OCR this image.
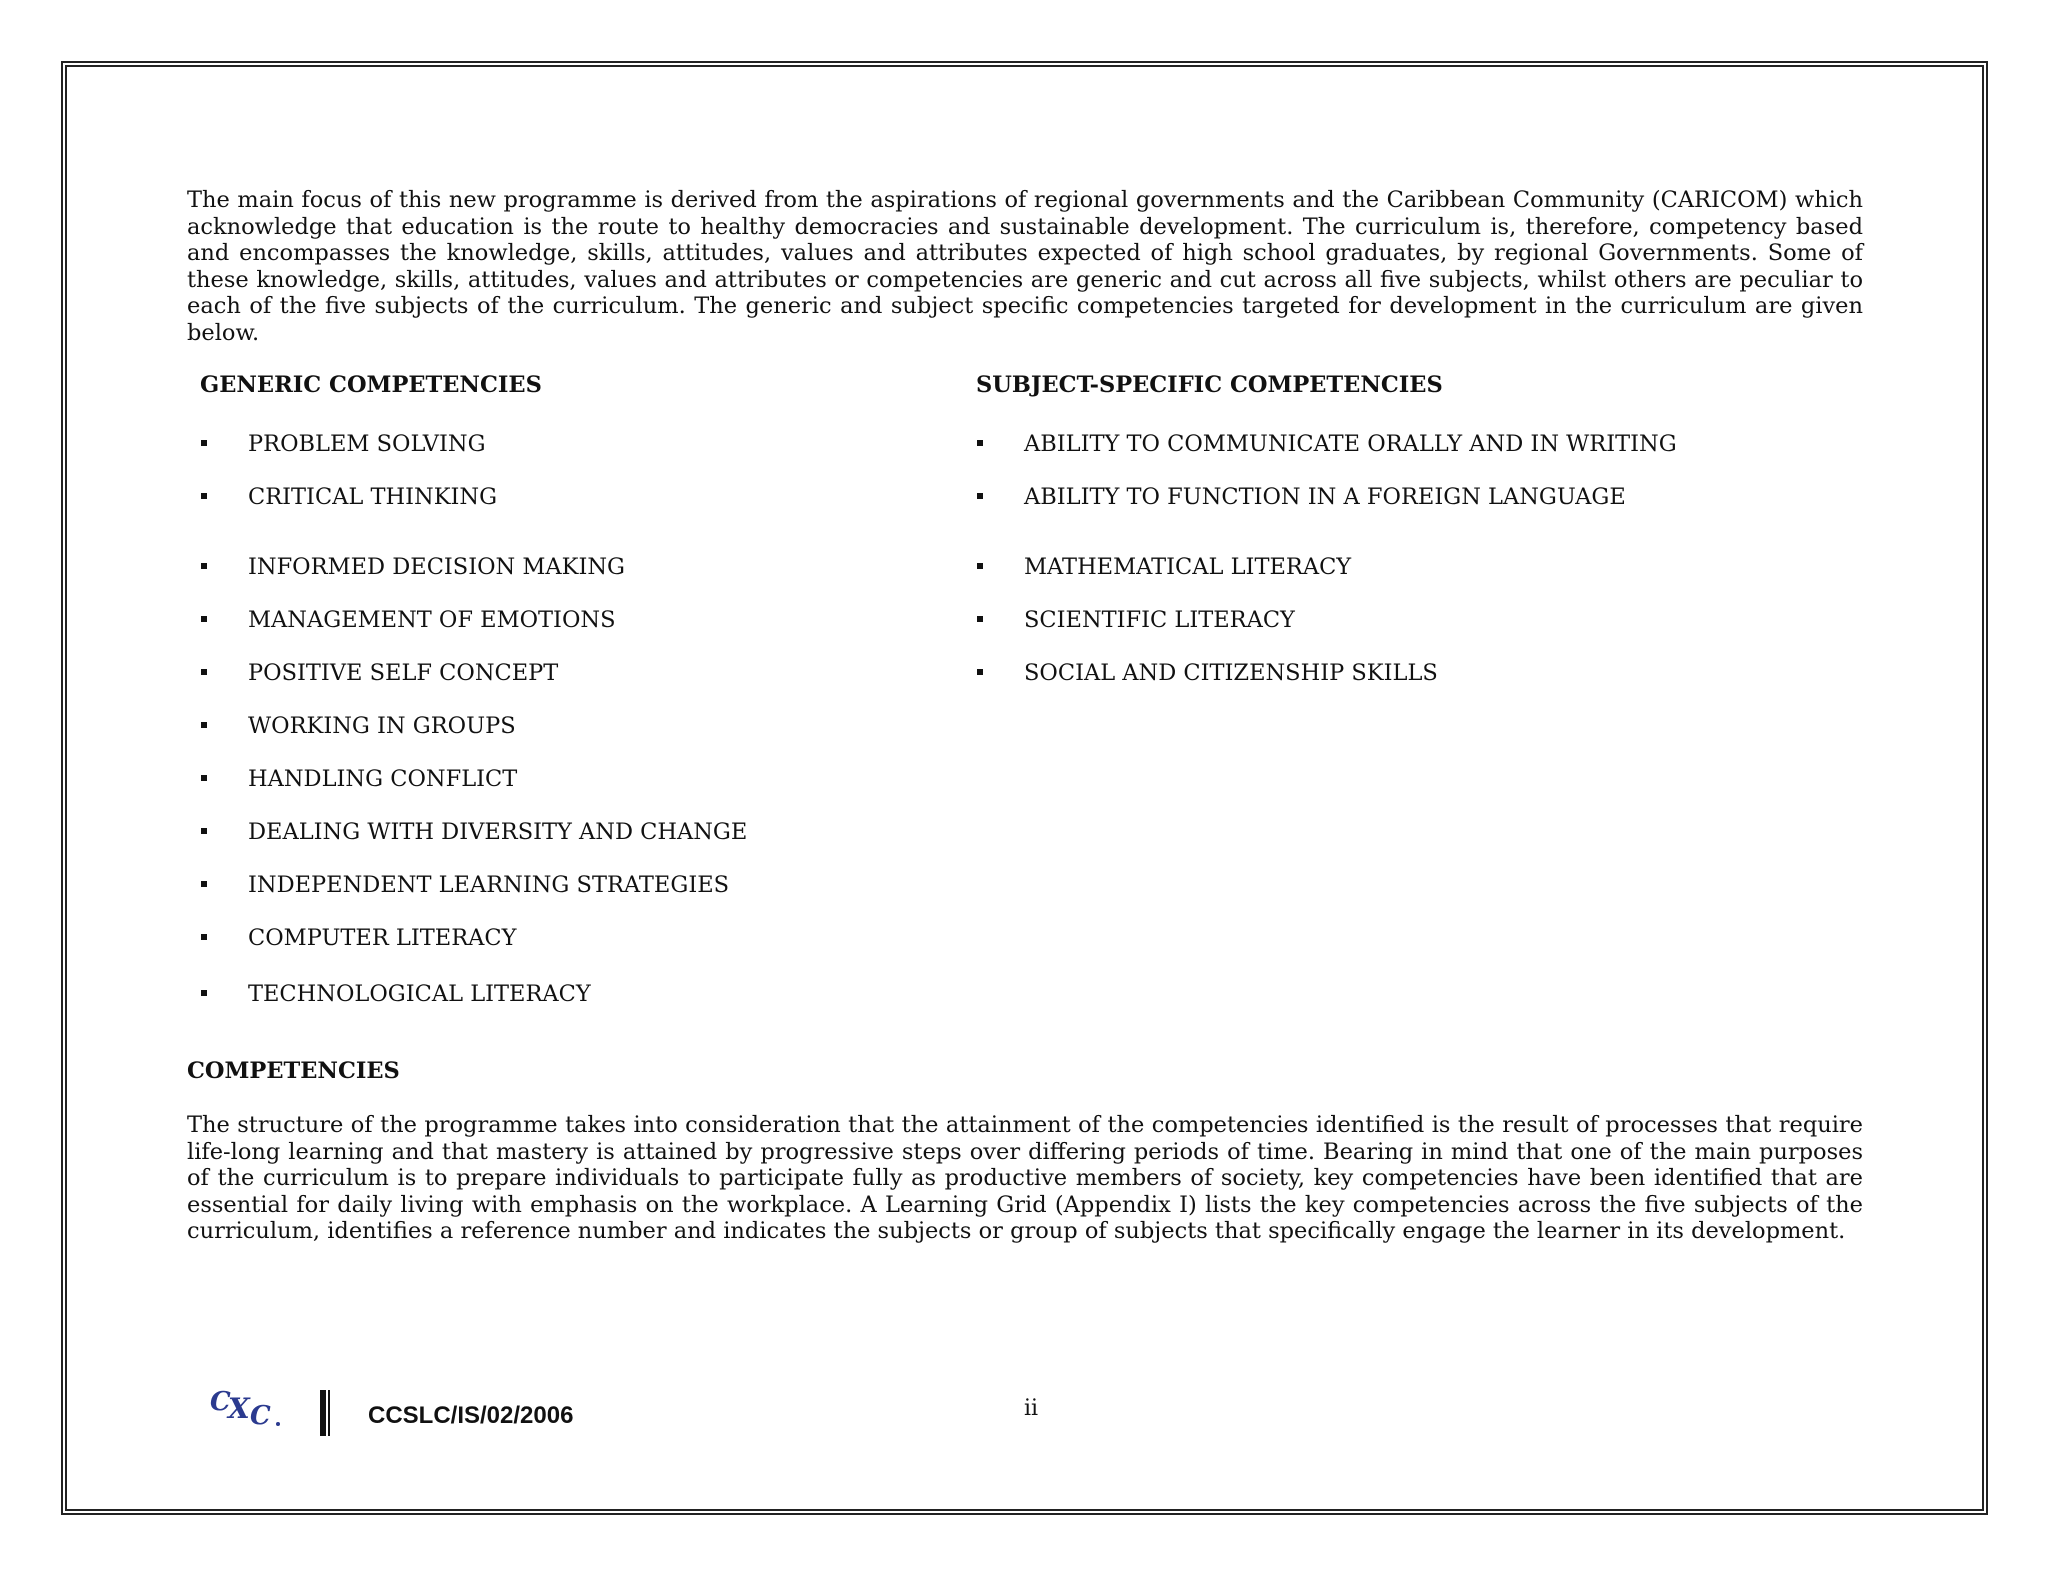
The main focus of this new programme is derived from the aspirations of regional governments and the Caribbean Community (CARICOM) which acknowledge that education is the route to healthy democracies and sustainable development. The curriculum is, therefore, competency based and encompasses the knowledge, skills, attitudes, values and attributes expected of high school graduates, by regional Governments. Some of these knowledge, skills, attitudes, values and attributes or competencies are generic and cut across all five subjects, whilst others are peculiar to each of the five subjects of the curriculum. The generic and subject specific competencies targeted for development in the curriculum are given below.

GENERIC COMPETENCIES	SUBJECT-SPECIFIC COMPETENCIES
PROBLEM SOLVING
CRITICAL THINKING
INFORMED DECISION MAKING
MANAGEMENT OF EMOTIONS
POSITIVE SELF CONCEPT
WORKING IN GROUPS
HANDLING CONFLICT
DEALING WITH DIVERSITY AND CHANGE
INDEPENDENT LEARNING STRATEGIES
COMPUTER LITERACY
TECHNOLOGICAL LITERACY
ABILITY TO COMMUNICATE ORALLY AND IN WRITING
ABILITY TO FUNCTION IN A FOREIGN LANGUAGE
MATHEMATICAL LITERACY
SCIENTIFIC LITERACY
SOCIAL AND CITIZENSHIP SKILLS
COMPETENCIES

The structure of the programme takes into consideration that the attainment of the competencies identified is the result of processes that require life-long learning and that mastery is attained by progressive steps over differing periods of time. Bearing in mind that one of the main purposes of the curriculum is to prepare individuals to participate fully as productive members of society, key competencies have been identified that are essential for daily living with emphasis on the workplace. A Learning Grid (Appendix I) lists the key competencies across the five subjects of the curriculum, identifies a reference number and indicates the subjects or group of subjects that specifically engage the learner in its development.

C
X C	CCSLC/IS/02/2006	ii
